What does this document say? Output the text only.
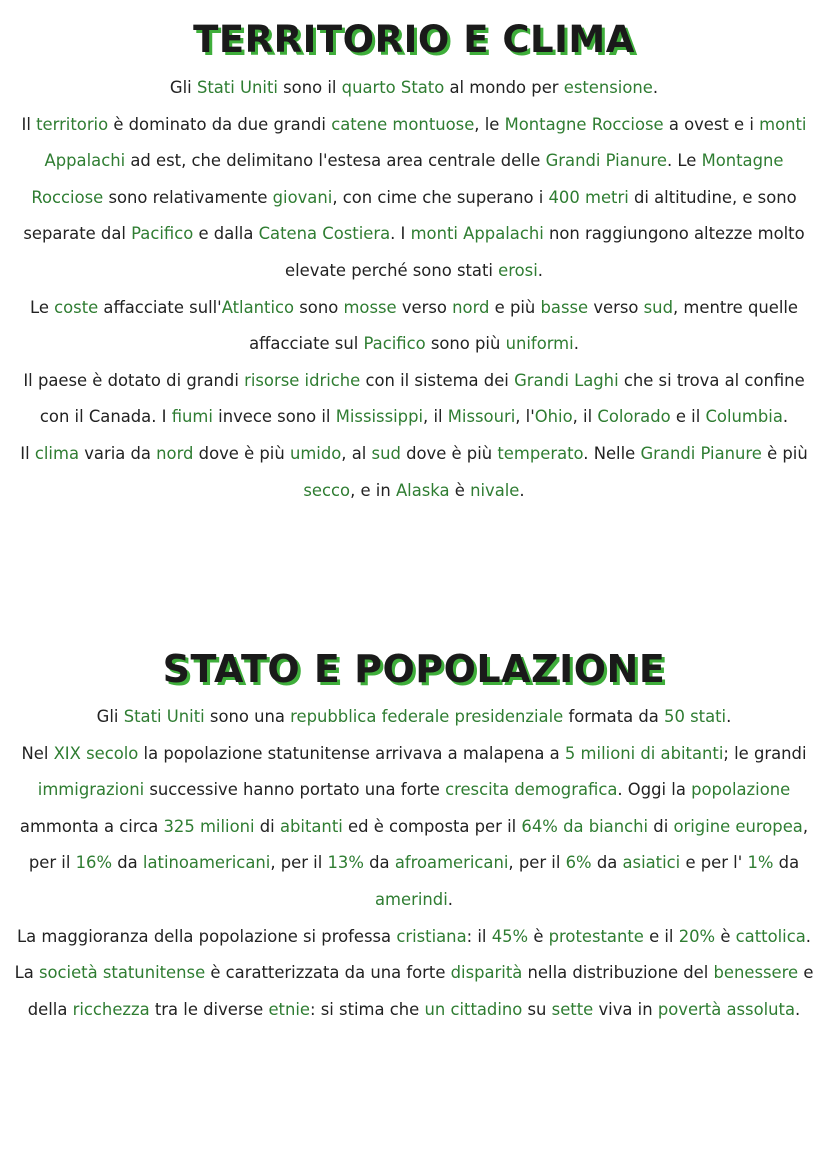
TERRITORIO E CLIMA
Gli Stati Uniti sono il quarto Stato al mondo per estensione.
Il territorio è dominato da due grandi catene montuose, le Montagne Rocciose a ovest e i monti Appalachi ad est, che delimitano l'estesa area centrale delle Grandi Pianure. Le Montagne Rocciose sono relativamente giovani, con cime che superano i 400 metri di altitudine, e sono separate dal Pacifico e dalla Catena Costiera. I monti Appalachi non raggiungono altezze molto elevate perché sono stati erosi.
Le coste affacciate sull'Atlantico sono mosse verso nord e più basse verso sud, mentre quelle affacciate sul Pacifico sono più uniformi.
Il paese è dotato di grandi risorse idriche con il sistema dei Grandi Laghi che si trova al confine con il Canada. I fiumi invece sono il Mississippi, il Missouri, l'Ohio, il Colorado e il Columbia.
Il clima varia da nord dove è più umido, al sud dove è più temperato. Nelle Grandi Pianure è più secco, e in Alaska è nivale.
STATO E POPOLAZIONE
Gli Stati Uniti sono una repubblica federale presidenziale formata da 50 stati.
Nel XIX secolo la popolazione statunitense arrivava a malapena a 5 milioni di abitanti; le grandi immigrazioni successive hanno portato una forte crescita demografica. Oggi la popolazione ammonta a circa 325 milioni di abitanti ed è composta per il 64% da bianchi di origine europea, per il 16% da latinoamericani, per il 13% da afroamericani, per il 6% da asiatici e per l' 1% da amerindi.
La maggioranza della popolazione si professa cristiana: il 45% è protestante e il 20% è cattolica.
La società statunitense è caratterizzata da una forte disparità nella distribuzione del benessere e della ricchezza tra le diverse etnie: si stima che un cittadino su sette viva in povertà assoluta.
